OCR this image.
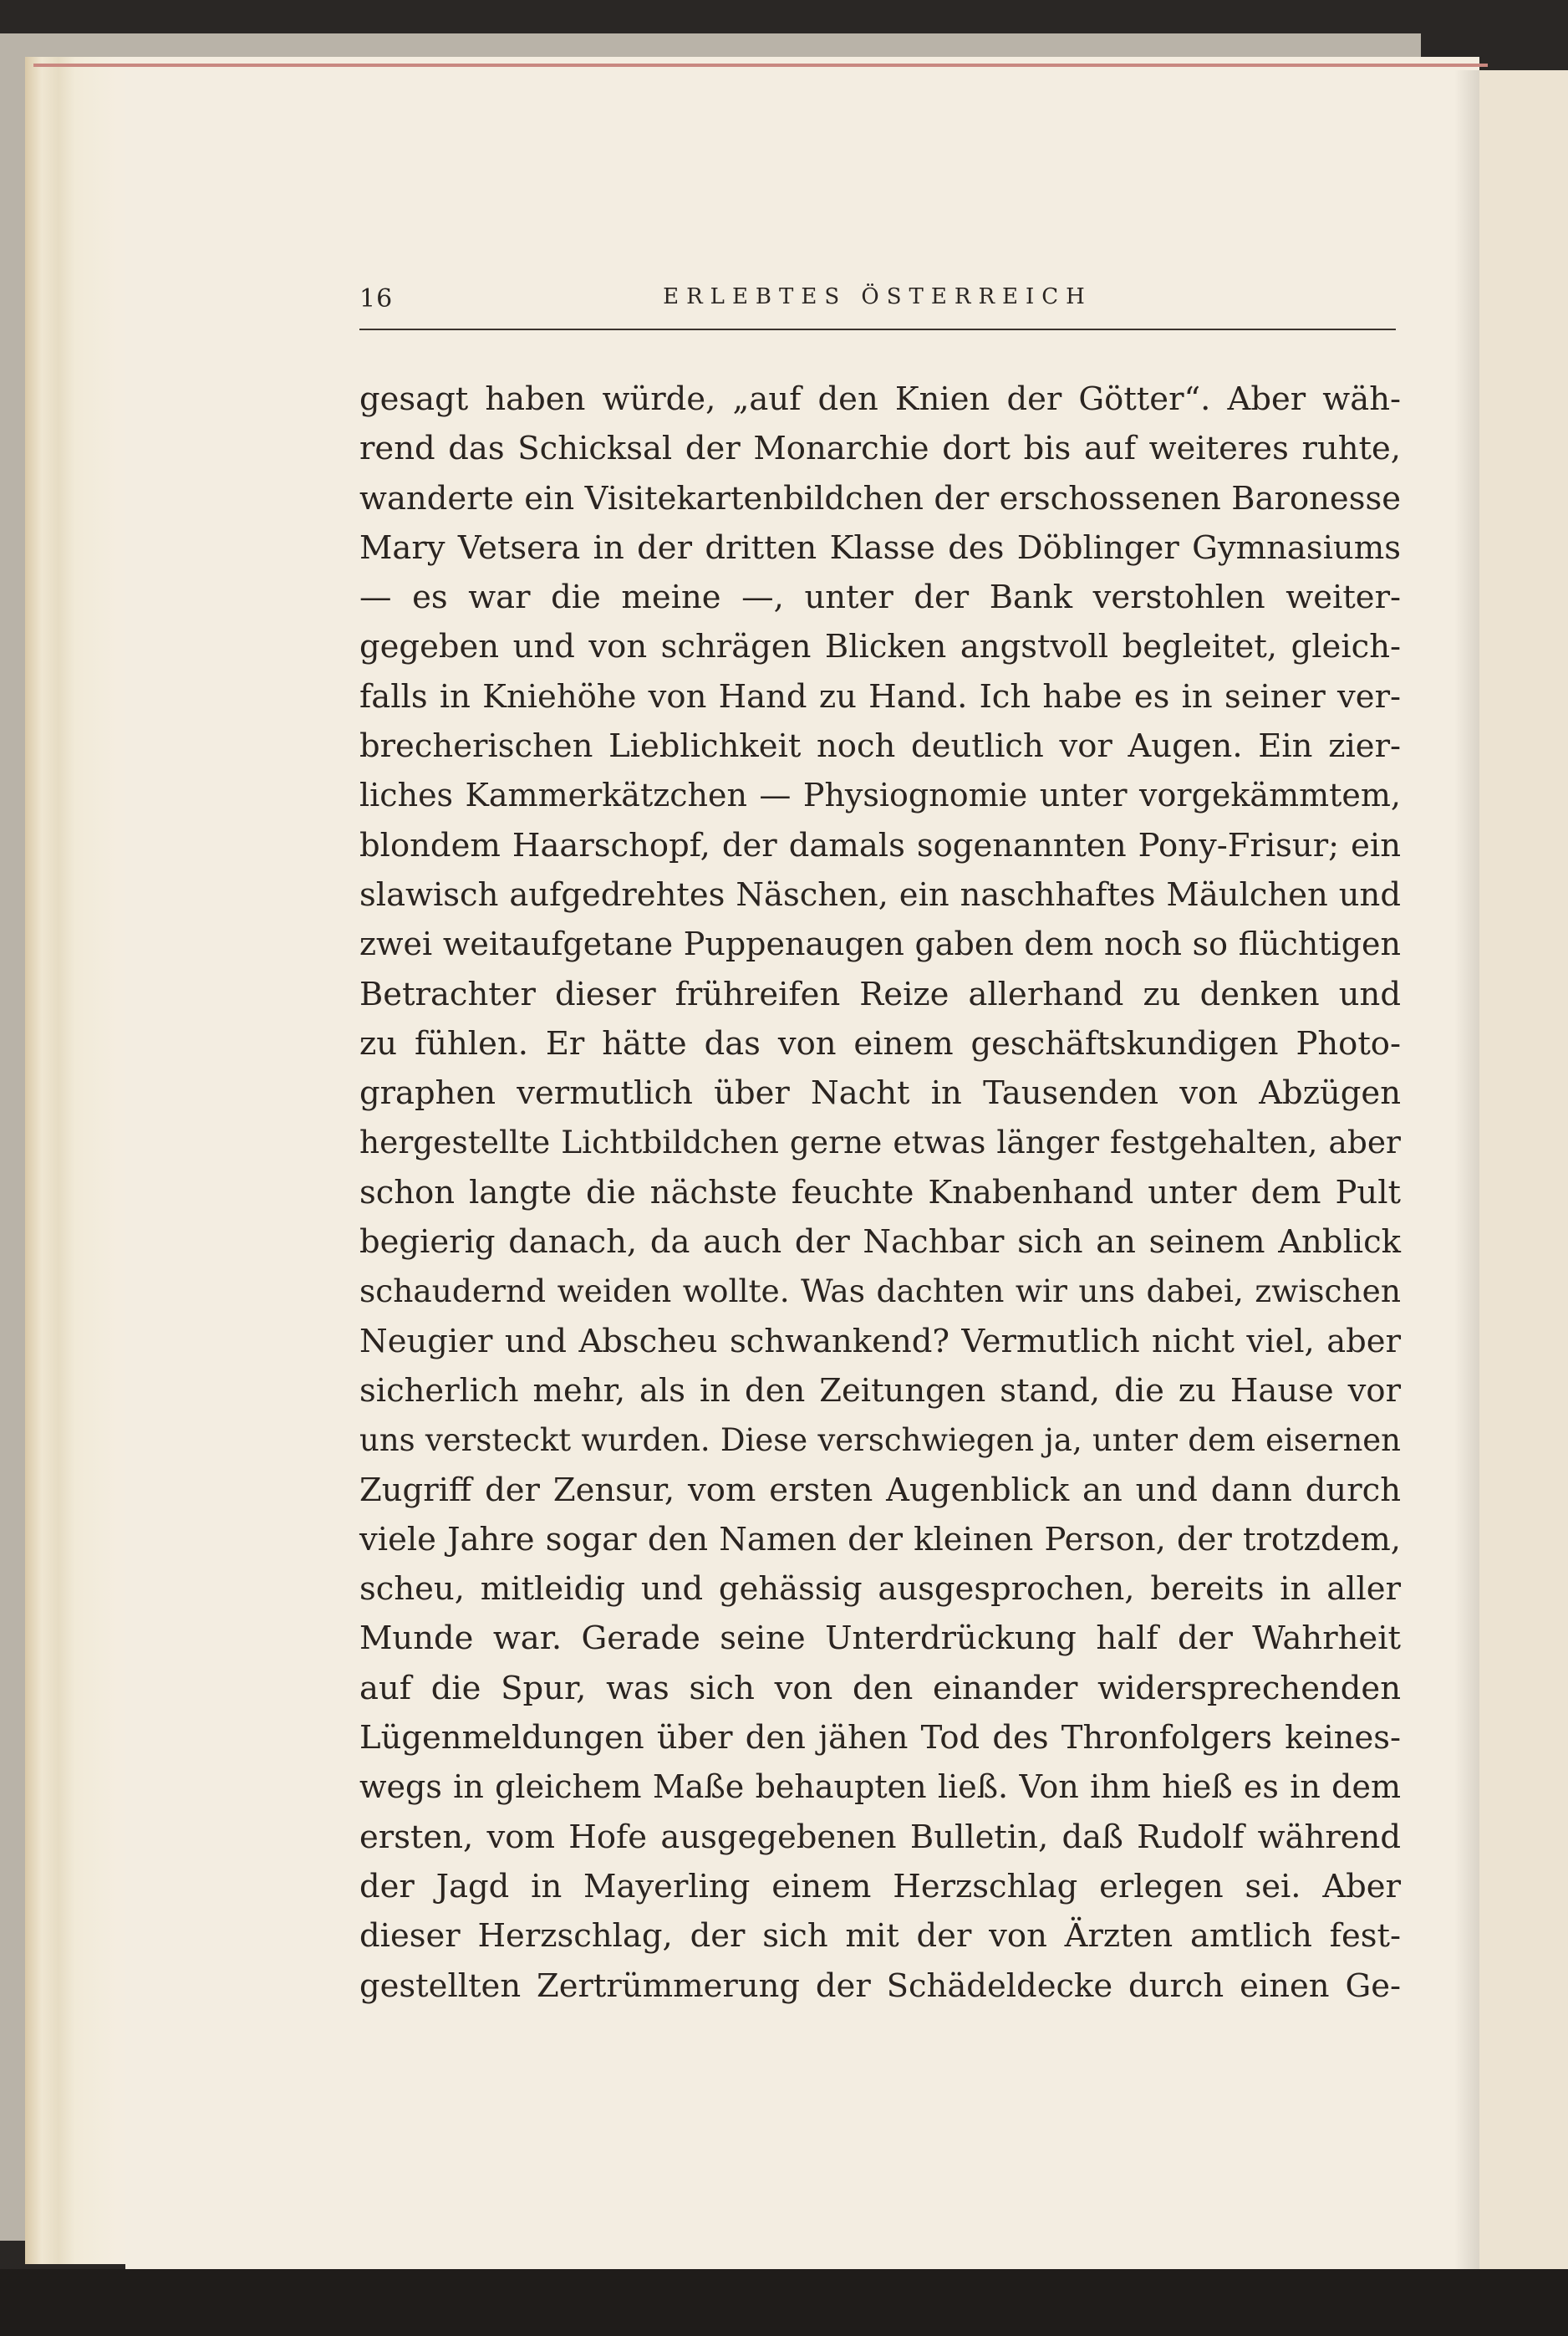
16	ERLEBTES ÖSTERREICH
gesagt haben würde, „auf den Knien der Götter“. Aber wäh-
rend das Schicksal der Monarchie dort bis auf weiteres ruhte,
wanderte ein Visitekartenbildchen der erschossenen Baronesse
Mary Vetsera in der dritten Klasse des Döblinger Gymnasiums
— es war die meine —, unter der Bank verstohlen weiter-
gegeben und von schrägen Blicken angstvoll begleitet, gleich-
falls in Kniehöhe von Hand zu Hand. Ich habe es in seiner ver-
brecherischen Lieblichkeit noch deutlich vor Augen. Ein zier-
liches Kammerkätzchen — Physiognomie unter vorgekämmtem,
blondem Haarschopf, der damals sogenannten Pony-Frisur; ein
slawisch aufgedrehtes Näschen, ein naschhaftes Mäulchen und
zwei weitaufgetane Puppenaugen gaben dem noch so flüchtigen
Betrachter dieser frühreifen Reize allerhand zu denken und
zu fühlen. Er hätte das von einem geschäftskundigen Photo-
graphen vermutlich über Nacht in Tausenden von Abzügen
hergestellte Lichtbildchen gerne etwas länger festgehalten, aber
schon langte die nächste feuchte Knabenhand unter dem Pult
begierig danach, da auch der Nachbar sich an seinem Anblick
schaudernd weiden wollte. Was dachten wir uns dabei, zwischen
Neugier und Abscheu schwankend? Vermutlich nicht viel, aber
sicherlich mehr, als in den Zeitungen stand, die zu Hause vor
uns versteckt wurden. Diese verschwiegen ja, unter dem eisernen
Zugriff der Zensur, vom ersten Augenblick an und dann durch
viele Jahre sogar den Namen der kleinen Person, der trotzdem,
scheu, mitleidig und gehässig ausgesprochen, bereits in aller
Munde war. Gerade seine Unterdrückung half der Wahrheit
auf die Spur, was sich von den einander widersprechenden
Lügenmeldungen über den jähen Tod des Thronfolgers keines-
wegs in gleichem Maße behaupten ließ. Von ihm hieß es in dem
ersten, vom Hofe ausgegebenen Bulletin, daß Rudolf während
der Jagd in Mayerling einem Herzschlag erlegen sei. Aber
dieser Herzschlag, der sich mit der von Ärzten amtlich fest-
gestellten Zertrümmerung der Schädeldecke durch einen Ge-
